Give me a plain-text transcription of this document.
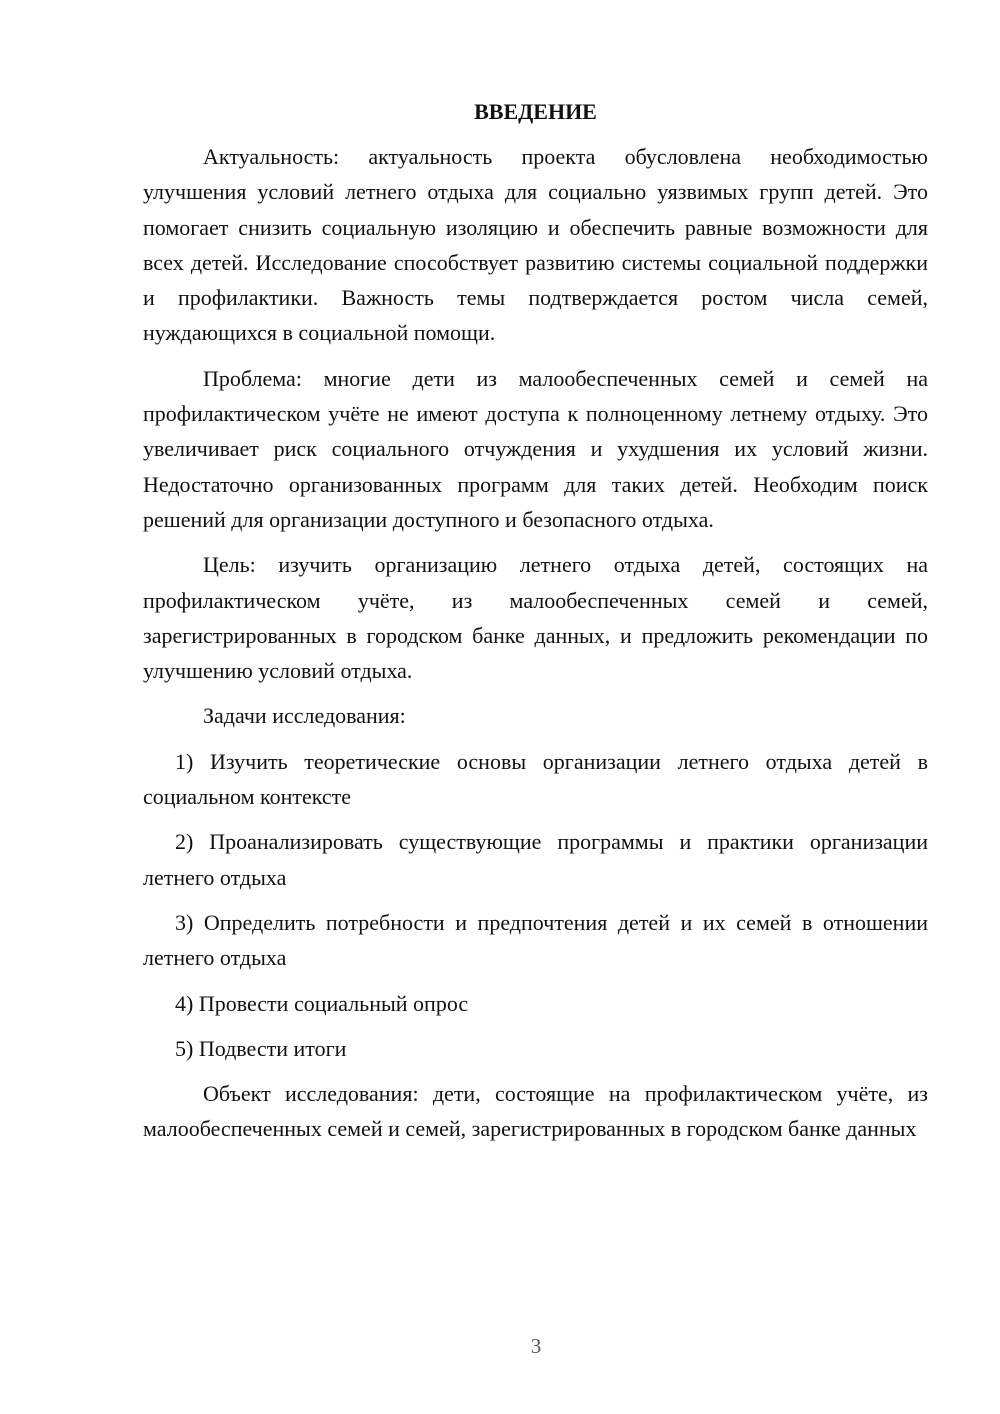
ВВЕДЕНИЕ

Актуальность: актуальность проекта обусловлена необходимостью улучшения условий летнего отдыха для социально уязвимых групп детей. Это помогает снизить социальную изоляцию и обеспечить равные возможности для всех детей. Исследование способствует развитию системы социальной поддержки и профилактики. Важность темы подтверждается ростом числа семей, нуждающихся в социальной помощи.

Проблема: многие дети из малообеспеченных семей и семей на профилактическом учёте не имеют доступа к полноценному летнему отдыху. Это увеличивает риск социального отчуждения и ухудшения их условий жизни. Недостаточно организованных программ для таких детей. Необходим поиск решений для организации доступного и безопасного отдыха.

Цель: изучить организацию летнего отдыха детей, состоящих на профилактическом учёте, из малообеспеченных семей и семей, зарегистрированных в городском банке данных, и предложить рекомендации по улучшению условий отдыха.

Задачи исследования:

1) Изучить теоретические основы организации летнего отдыха детей в социальном контексте

2) Проанализировать существующие программы и практики организации летнего отдыха

3) Определить потребности и предпочтения детей и их семей в отношении летнего отдыха

4) Провести социальный опрос

5) Подвести итоги

Объект исследования: дети, состоящие на профилактическом учёте, из малообеспеченных семей и семей, зарегистрированных в городском банке данных

3
